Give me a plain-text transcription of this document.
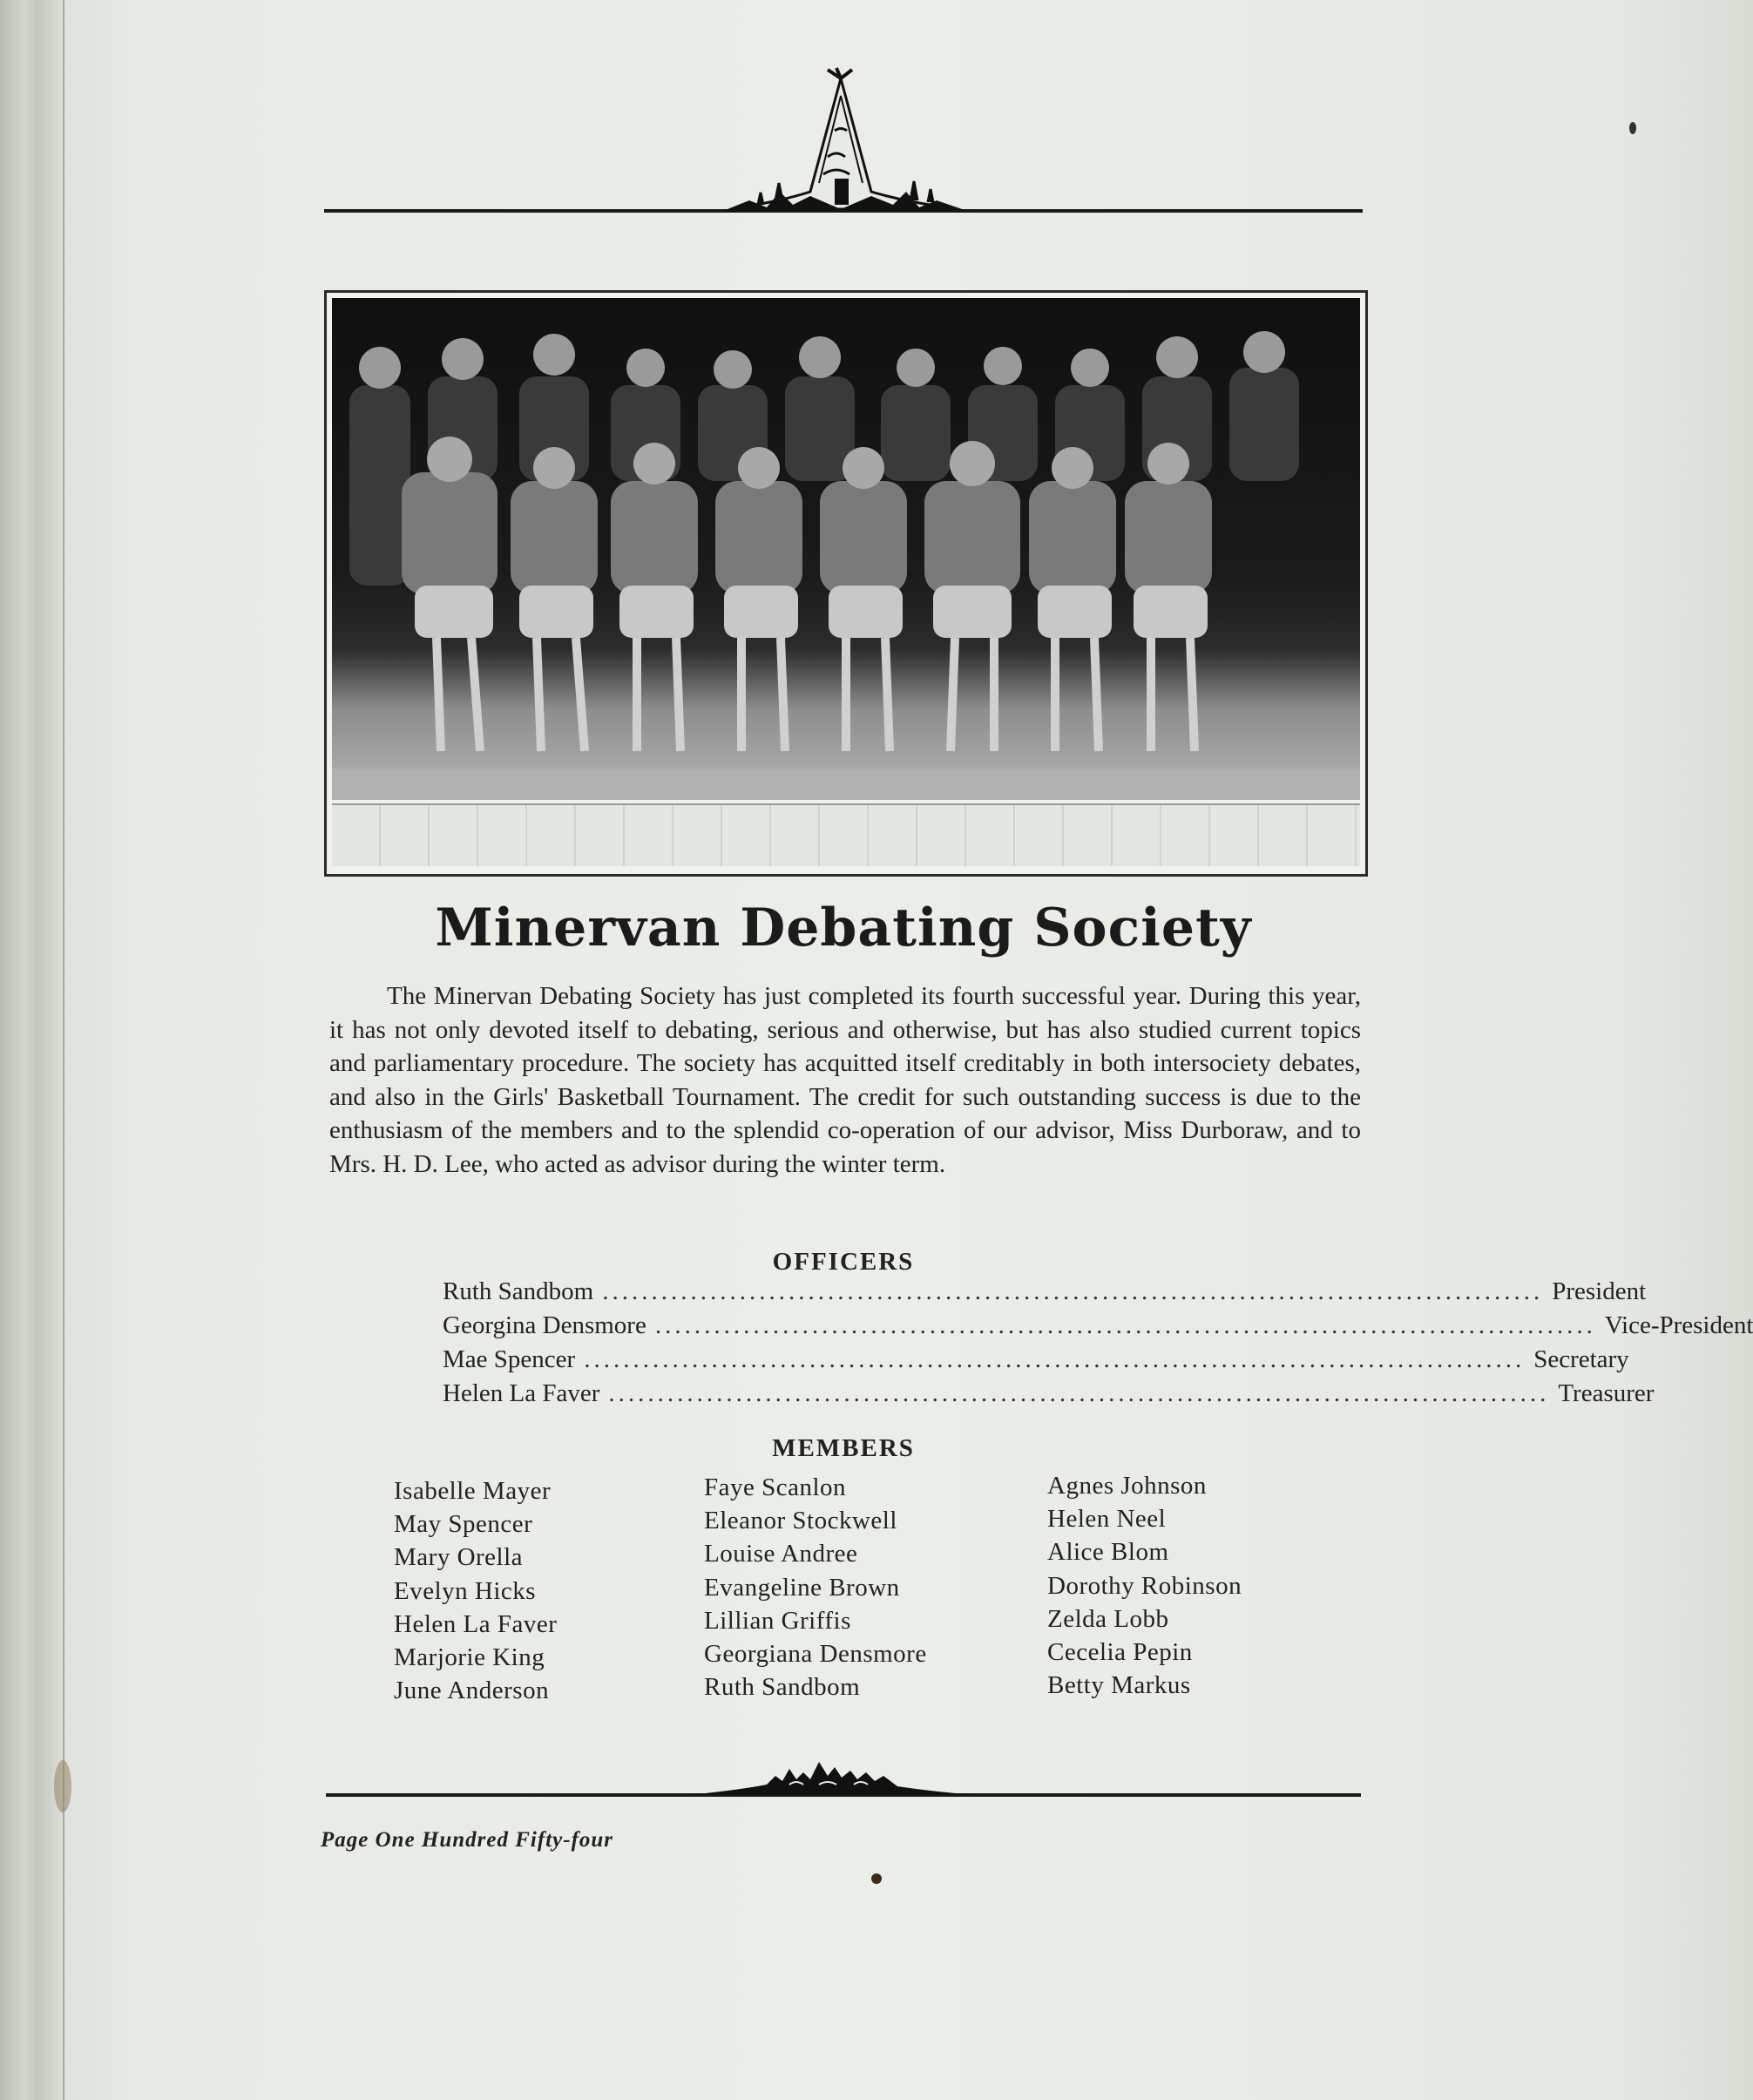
Minervan Debating Society

The Minervan Debating Society has just completed its fourth successful year. During this year, it has not only devoted itself to debating, serious and otherwise, but has also studied current topics and parliamentary procedure. The society has acquitted itself creditably in both intersociety debates, and also in the Girls' Basketball Tournament. The credit for such outstanding success is due to the enthusiasm of the members and to the splendid co-operation of our advisor, Miss Durboraw, and to Mrs. H. D. Lee, who acted as advisor during the winter term.

OFFICERS
Ruth Sandbom ................................................................................................ President
Georgina Densmore ................................................................................................ Vice-President
Mae Spencer ................................................................................................ Secretary
Helen La Faver ................................................................................................ Treasurer
MEMBERS
Isabelle Mayer
May Spencer
Mary Orella
Evelyn Hicks
Helen La Faver
Marjorie King
June Anderson
Faye Scanlon
Eleanor Stockwell
Louise Andree
Evangeline Brown
Lillian Griffis
Georgiana Densmore
Ruth Sandbom
Agnes Johnson
Helen Neel
Alice Blom
Dorothy Robinson
Zelda Lobb
Cecelia Pepin
Betty Markus
Page One Hundred Fifty-four
